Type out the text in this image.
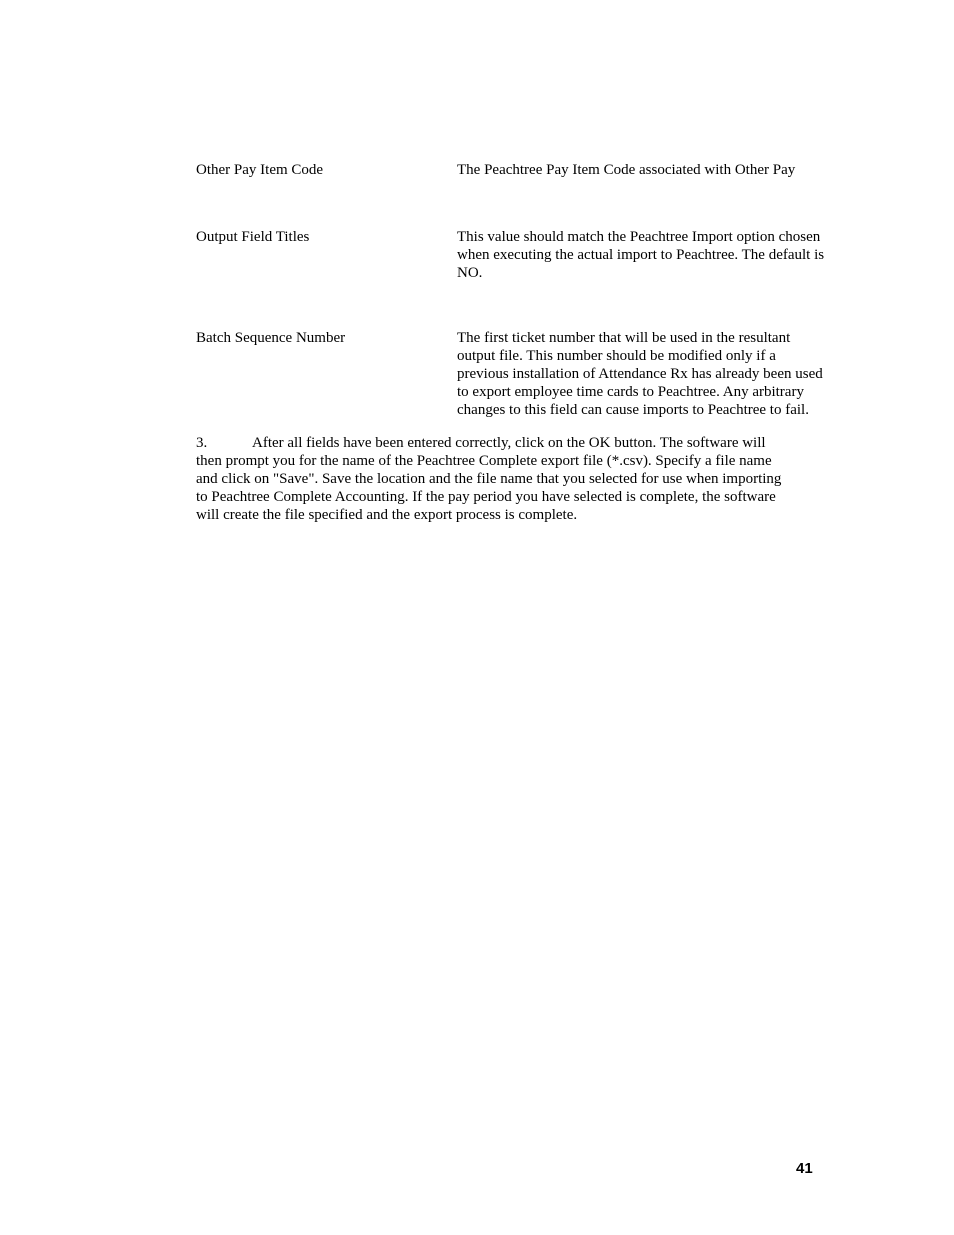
Other Pay Item Code	The Peachtree Pay Item Code associated with Other Pay
Output Field Titles	This value should match the Peachtree Import option chosen
when executing the actual import to Peachtree. The default is
NO.
Batch Sequence Number	The first ticket number that will be used in the resultant
output file. This number should be modified only if a
previous installation of Attendance Rx has already been used
to export employee time cards to Peachtree. Any arbitrary
changes to this field can cause imports to Peachtree to fail.
3.	After all fields have been entered correctly, click on the OK button. The software will
then prompt you for the name of the Peachtree Complete export file (*.csv). Specify a file name
and click on "Save". Save the location and the file name that you selected for use when importing
to Peachtree Complete Accounting. If the pay period you have selected is complete, the software
will create the file specified and the export process is complete.
41
